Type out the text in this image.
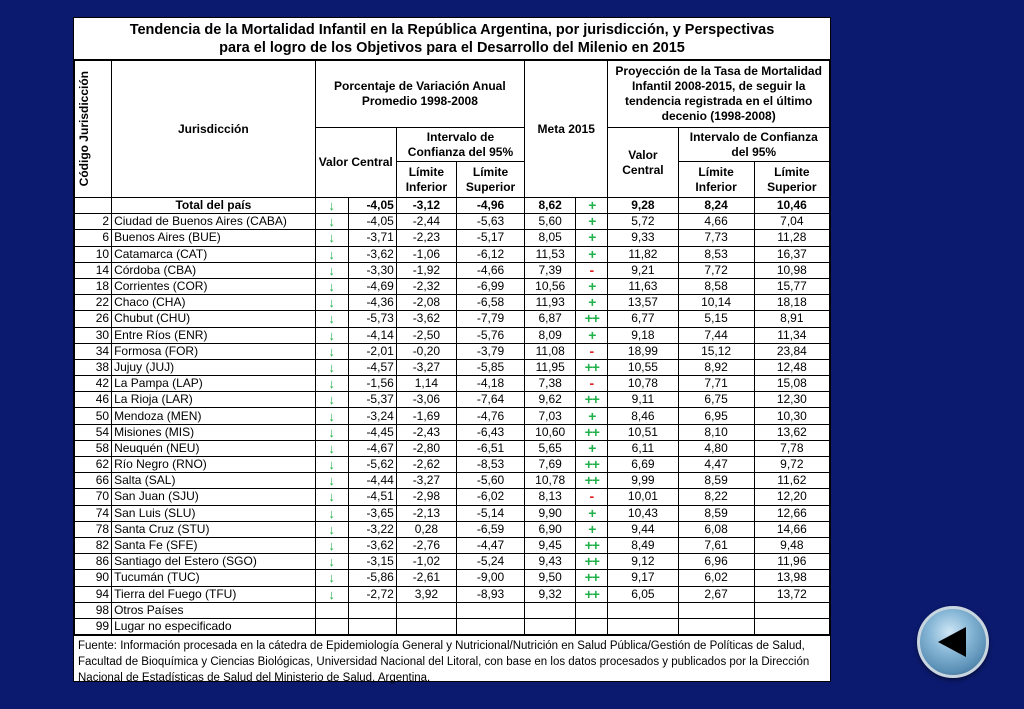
Tendencia de la Mortalidad Infantil en la República Argentina, por jurisdicción, y Perspectivas
para el logro de los Objetivos para el Desarrollo del Milenio en 2015
Código Jurisdicción	Jurisdicción	Porcentaje de Variación Anual Promedio 1998-2008				Meta 2015		Proyección de la Tasa de Mortalidad Infantil 2008-2015, de seguir la tendencia registrada en el último decenio (1998-2008)		
		Valor Central		Intervalo de Confianza del 95%				Valor Central	Intervalo de Confianza del 95%	
				Límite Inferior	Límite Superior				Límite Inferior	Límite Superior
	Total del país	↓	-4,05	-3,12	-4,96	8,62	+	9,28	8,24	10,46
2	Ciudad de Buenos Aires (CABA)	↓	-4,05	-2,44	-5,63	5,60	+	5,72	4,66	7,04
6	Buenos Aires (BUE)	↓	-3,71	-2,23	-5,17	8,05	+	9,33	7,73	11,28
10	Catamarca (CAT)	↓	-3,62	-1,06	-6,12	11,53	+	11,82	8,53	16,37
14	Córdoba (CBA)	↓	-3,30	-1,92	-4,66	7,39	-	9,21	7,72	10,98
18	Corrientes (COR)	↓	-4,69	-2,32	-6,99	10,56	+	11,63	8,58	15,77
22	Chaco (CHA)	↓	-4,36	-2,08	-6,58	11,93	+	13,57	10,14	18,18
26	Chubut (CHU)	↓	-5,73	-3,62	-7,79	6,87	++	6,77	5,15	8,91
30	Entre Ríos (ENR)	↓	-4,14	-2,50	-5,76	8,09	+	9,18	7,44	11,34
34	Formosa (FOR)	↓	-2,01	-0,20	-3,79	11,08	-	18,99	15,12	23,84
38	Jujuy (JUJ)	↓	-4,57	-3,27	-5,85	11,95	++	10,55	8,92	12,48
42	La Pampa (LAP)	↓	-1,56	1,14	-4,18	7,38	-	10,78	7,71	15,08
46	La Rioja (LAR)	↓	-5,37	-3,06	-7,64	9,62	++	9,11	6,75	12,30
50	Mendoza (MEN)	↓	-3,24	-1,69	-4,76	7,03	+	8,46	6,95	10,30
54	Misiones (MIS)	↓	-4,45	-2,43	-6,43	10,60	++	10,51	8,10	13,62
58	Neuquén (NEU)	↓	-4,67	-2,80	-6,51	5,65	+	6,11	4,80	7,78
62	Río Negro (RNO)	↓	-5,62	-2,62	-8,53	7,69	++	6,69	4,47	9,72
66	Salta (SAL)	↓	-4,44	-3,27	-5,60	10,78	++	9,99	8,59	11,62
70	San Juan (SJU)	↓	-4,51	-2,98	-6,02	8,13	-	10,01	8,22	12,20
74	San Luis (SLU)	↓	-3,65	-2,13	-5,14	9,90	+	10,43	8,59	12,66
78	Santa Cruz (STU)	↓	-3,22	0,28	-6,59	6,90	+	9,44	6,08	14,66
82	Santa Fe (SFE)	↓	-3,62	-2,76	-4,47	9,45	++	8,49	7,61	9,48
86	Santiago del Estero (SGO)	↓	-3,15	-1,02	-5,24	9,43	++	9,12	6,96	11,96
90	Tucumán (TUC)	↓	-5,86	-2,61	-9,00	9,50	++	9,17	6,02	13,98
94	Tierra del Fuego (TFU)	↓	-2,72	3,92	-8,93	9,32	++	6,05	2,67	13,72
98	Otros Países									
99	Lugar no especificado									
Fuente: Información procesada en la cátedra de Epidemiología General y Nutricional/Nutrición en Salud Pública/Gestión de Políticas de Salud, Facultad de Bioquímica y Ciencias Biológicas, Universidad Nacional del Litoral, con base en los datos procesados y publicados por la Dirección Nacional de Estadísticas de Salud del Ministerio de Salud, Argentina.
